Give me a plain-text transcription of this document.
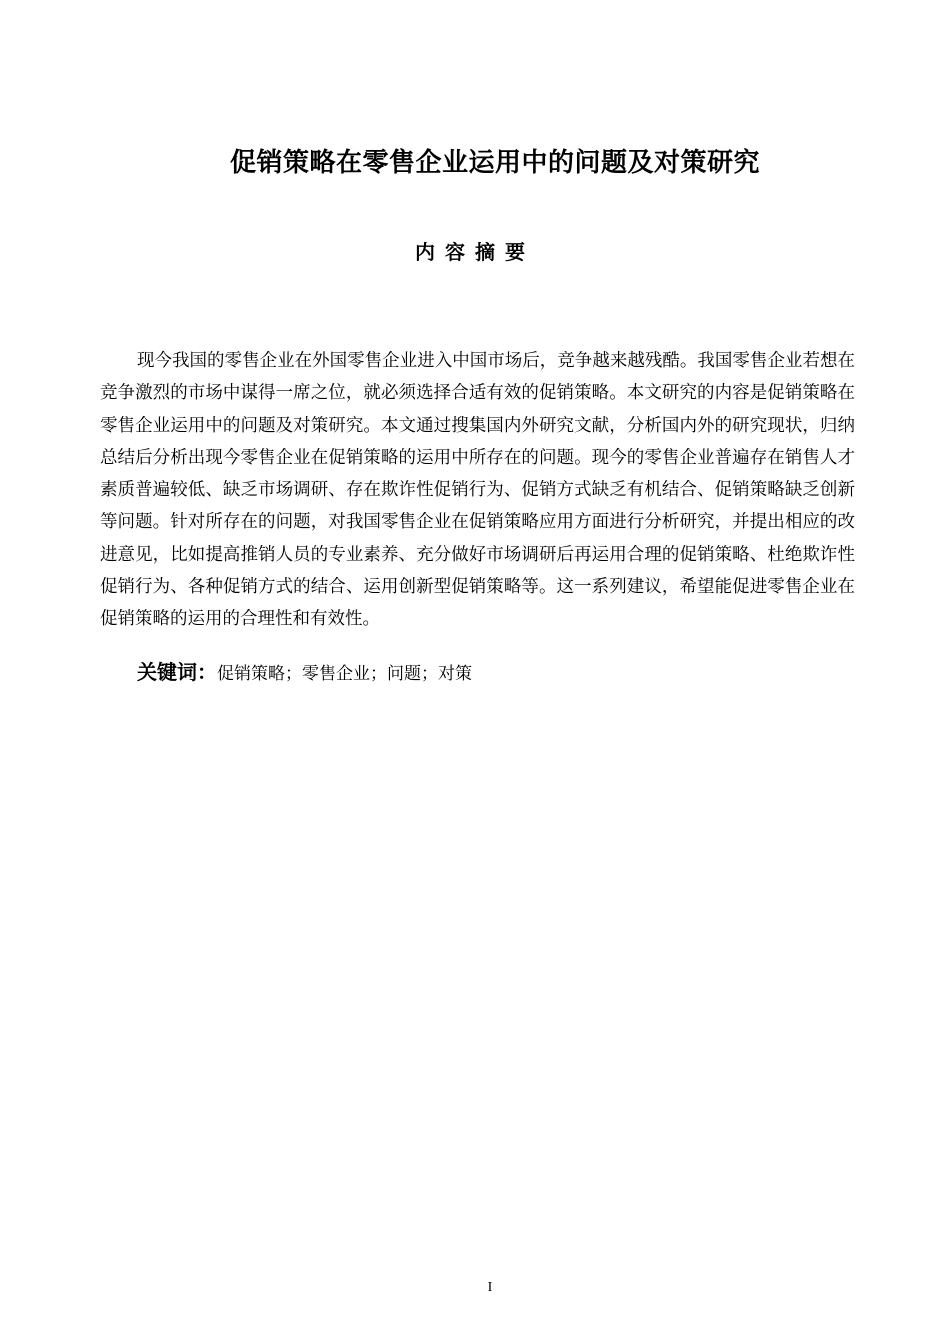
促销策略在零售企业运用中的问题及对策研究
内容摘要

现今我国的零售企业在外国零售企业进入中国市场后，竞争越来越残酷。我国零售企业若想在竞争激烈的市场中谋得一席之位，就必须选择合适有效的促销策略。本文研究的内容是促销策略在零售企业运用中的问题及对策研究。本文通过搜集国内外研究文献，分析国内外的研究现状，归纳总结后分析出现今零售企业在促销策略的运用中所存在的问题。现今的零售企业普遍存在销售人才素质普遍较低、缺乏市场调研、存在欺诈性促销行为、促销方式缺乏有机结合、促销策略缺乏创新等问题。针对所存在的问题，对我国零售企业在促销策略应用方面进行分析研究，并提出相应的改进意见，比如提高推销人员的专业素养、充分做好市场调研后再运用合理的促销策略、杜绝欺诈性促销行为、各种促销方式的结合、运用创新型促销策略等。这一系列建议，希望能促进零售企业在促销策略的运用的合理性和有效性。

关键词：促销策略；零售企业；问题；对策
I
